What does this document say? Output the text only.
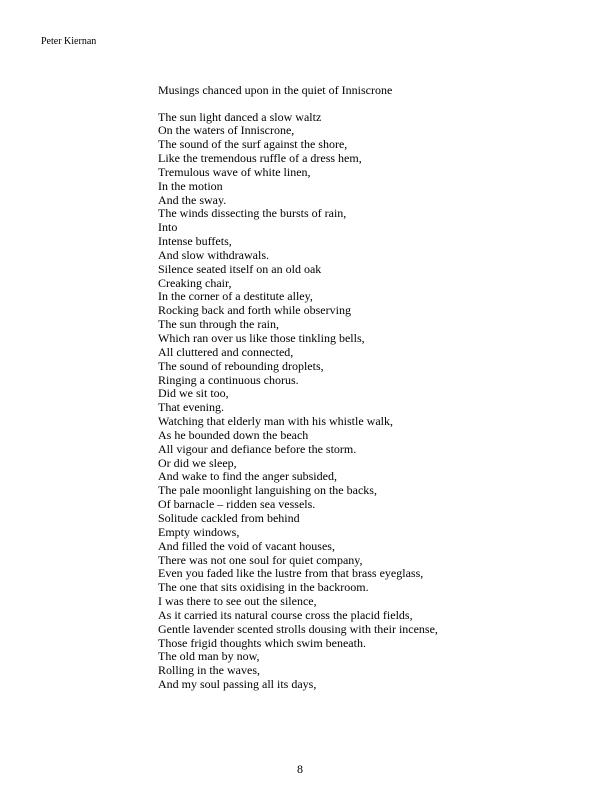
Peter Kiernan
Musings chanced upon in the quiet of Inniscrone
The sun light danced a slow waltz
On the waters of Inniscrone,
The sound of the surf against the shore,
Like the tremendous ruffle of a dress hem,
Tremulous wave of white linen,
In the motion
And the sway.
The winds dissecting the bursts of rain,
Into
Intense buffets,
And slow withdrawals.
Silence seated itself on an old oak
Creaking chair,
In the corner of a destitute alley,
Rocking back and forth while observing
The sun through the rain,
Which ran over us like those tinkling bells,
All cluttered and connected,
The sound of rebounding droplets,
Ringing a continuous chorus.
Did we sit too,
That evening.
Watching that elderly man with his whistle walk,
As he bounded down the beach
All vigour and defiance before the storm.
Or did we sleep,
And wake to find the anger subsided,
The pale moonlight languishing on the backs,
Of barnacle – ridden sea vessels.
Solitude cackled from behind
Empty windows,
And filled the void of vacant houses,
There was not one soul for quiet company,
Even you faded like the lustre from that brass eyeglass,
The one that sits oxidising in the backroom.
I was there to see out the silence,
As it carried its natural course cross the placid fields,
Gentle lavender scented strolls dousing with their incense,
Those frigid thoughts which swim beneath.
The old man by now,
Rolling in the waves,
And my soul passing all its days,
8
